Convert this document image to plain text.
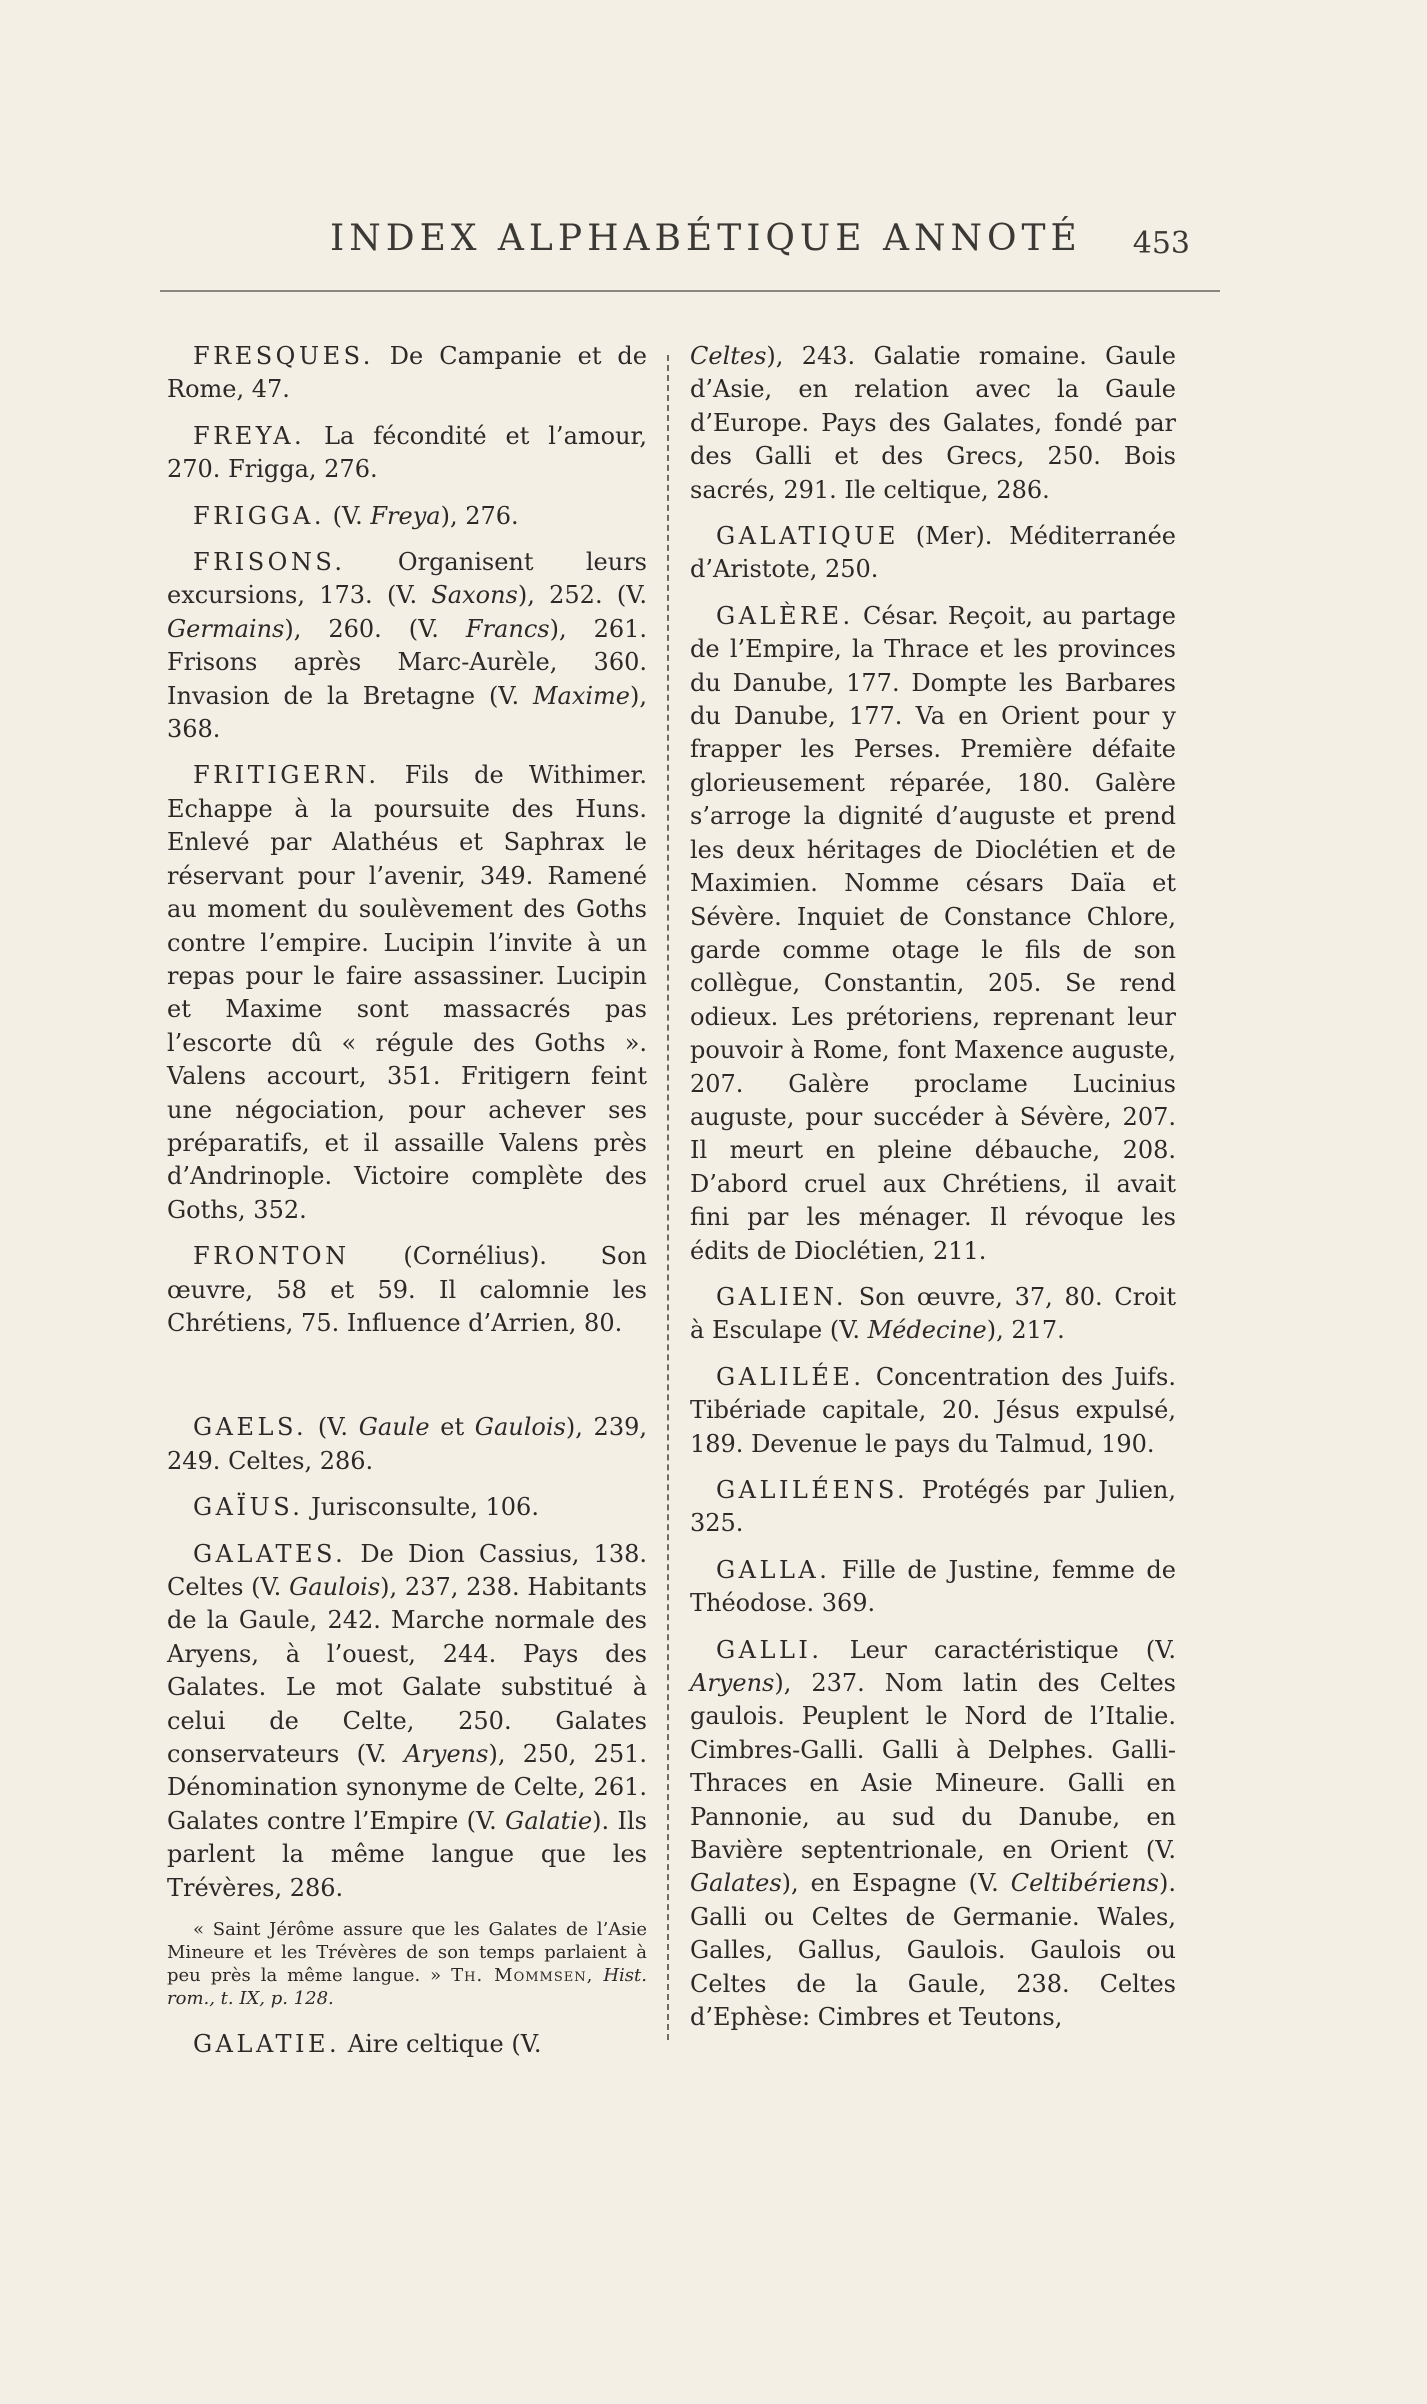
INDEX ALPHABÉTIQUE ANNOTÉ 453

FRESQUES. De Campanie et de Rome, 47.

FREYA. La fécondité et l’amour, 270. Frigga, 276.

FRIGGA. (V. Freya), 276.

FRISONS. Organisent leurs excursions, 173. (V. Saxons), 252. (V. Germains), 260. (V. Francs), 261. Frisons après Marc-Aurèle, 360. Invasion de la Bretagne (V. Maxime), 368.

FRITIGERN. Fils de Withimer. Echappe à la poursuite des Huns. Enlevé par Alathéus et Saphrax le réservant pour l’avenir, 349. Ramené au moment du soulèvement des Goths contre l’empire. Lucipin l’invite à un repas pour le faire assassiner. Lucipin et Maxime sont massacrés pas l’escorte dû « régule des Goths ». Valens accourt, 351. Fritigern feint une négociation, pour achever ses préparatifs, et il assaille Valens près d’Andrinople. Victoire complète des Goths, 352.

FRONTON (Cornélius). Son œuvre, 58 et 59. Il calomnie les Chrétiens, 75. Influence d’Arrien, 80.

GAELS. (V. Gaule et Gaulois), 239, 249. Celtes, 286.

GAÏUS. Jurisconsulte, 106.

GALATES. De Dion Cassius, 138. Celtes (V. Gaulois), 237, 238. Habitants de la Gaule, 242. Marche normale des Aryens, à l’ouest, 244. Pays des Galates. Le mot Galate substitué à celui de Celte, 250. Galates conservateurs (V. Aryens), 250, 251. Dénomination synonyme de Celte, 261. Galates contre l’Empire (V. Galatie). Ils parlent la même langue que les Trévères, 286.

« Saint Jérôme assure que les Galates de l’Asie Mineure et les Trévères de son temps parlaient à peu près la même langue. » Th. Mommsen, Hist. rom., t. IX, p. 128.

GALATIE. Aire celtique (V.

Celtes), 243. Galatie romaine. Gaule d’Asie, en relation avec la Gaule d’Europe. Pays des Galates, fondé par des Galli et des Grecs, 250. Bois sacrés, 291. Ile celtique, 286.

GALATIQUE (Mer). Méditerranée d’Aristote, 250.

GALÈRE. César. Reçoit, au partage de l’Empire, la Thrace et les provinces du Danube, 177. Dompte les Barbares du Danube, 177. Va en Orient pour y frapper les Perses. Première défaite glorieusement réparée, 180. Galère s’arroge la dignité d’auguste et prend les deux héritages de Dioclétien et de Maximien. Nomme césars Daïa et Sévère. Inquiet de Constance Chlore, garde comme otage le fils de son collègue, Constantin, 205. Se rend odieux. Les prétoriens, reprenant leur pouvoir à Rome, font Maxence auguste, 207. Galère proclame Lucinius auguste, pour succéder à Sévère, 207. Il meurt en pleine débauche, 208. D’abord cruel aux Chrétiens, il avait fini par les ménager. Il révoque les édits de Dioclétien, 211.

GALIEN. Son œuvre, 37, 80. Croit à Esculape (V. Médecine), 217.

GALILÉE. Concentration des Juifs. Tibériade capitale, 20. Jésus expulsé, 189. Devenue le pays du Talmud, 190.

GALILÉENS. Protégés par Julien, 325.

GALLA. Fille de Justine, femme de Théodose. 369.

GALLI. Leur caractéristique (V. Aryens), 237. Nom latin des Celtes gaulois. Peuplent le Nord de l’Italie. Cimbres-Galli. Galli à Delphes. Galli-Thraces en Asie Mineure. Galli en Pannonie, au sud du Danube, en Bavière septentrionale, en Orient (V. Galates), en Espagne (V. Celtibériens). Galli ou Celtes de Germanie. Wales, Galles, Gallus, Gaulois. Gaulois ou Celtes de la Gaule, 238. Celtes d’Ephèse: Cimbres et Teutons,
